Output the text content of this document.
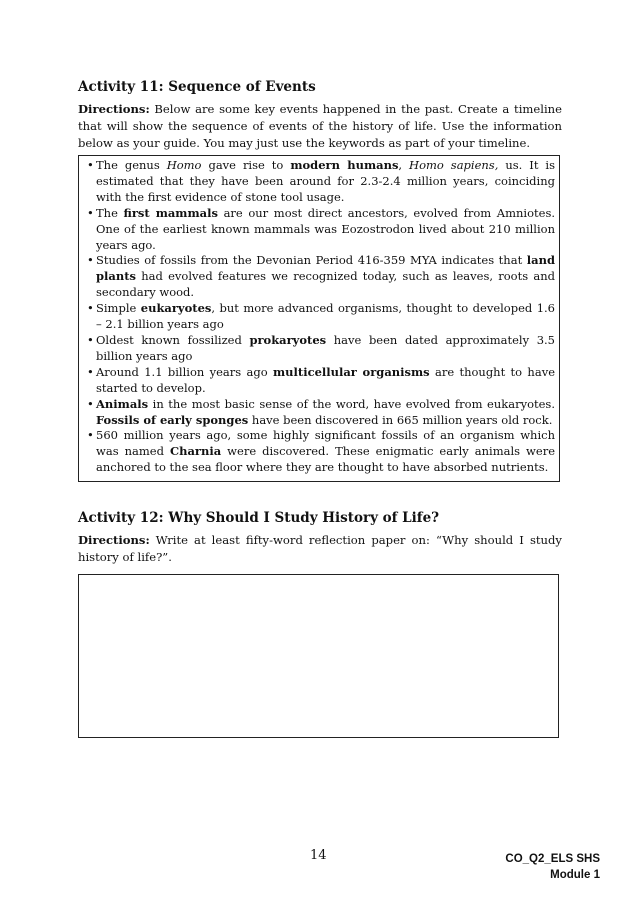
Activity 11: Sequence of Events

Directions: Below are some key events happened in the past. Create a timeline that will show the sequence of events of the history of life. Use the information below as your guide. You may just use the keywords as part of your timeline.

• The genus Homo gave rise to modern humans, Homo sapiens, us. It is estimated that they have been around for 2.3-2.4 million years, coinciding with the first evidence of stone tool usage.
• The first mammals are our most direct ancestors, evolved from Amniotes. One of the earliest known mammals was Eozostrodon lived about 210 million years ago.
• Studies of fossils from the Devonian Period 416-359 MYA indicates that land plants had evolved features we recognized today, such as leaves, roots and secondary wood.
• Simple eukaryotes, but more advanced organisms, thought to developed 1.6 – 2.1 billion years ago
• Oldest known fossilized prokaryotes have been dated approximately 3.5 billion years ago
• Around 1.1 billion years ago multicellular organisms are thought to have started to develop.
• Animals in the most basic sense of the word, have evolved from eukaryotes. Fossils of early sponges have been discovered in 665 million years old rock.
• 560 million years ago, some highly significant fossils of an organism which was named Charnia were discovered. These enigmatic early animals were anchored to the sea floor where they are thought to have absorbed nutrients.
Activity 12: Why Should I Study History of Life?

Directions: Write at least fifty-word reflection paper on: “Why should I study history of life?”.

14	CO_Q2_ELS SHS
Module 1
